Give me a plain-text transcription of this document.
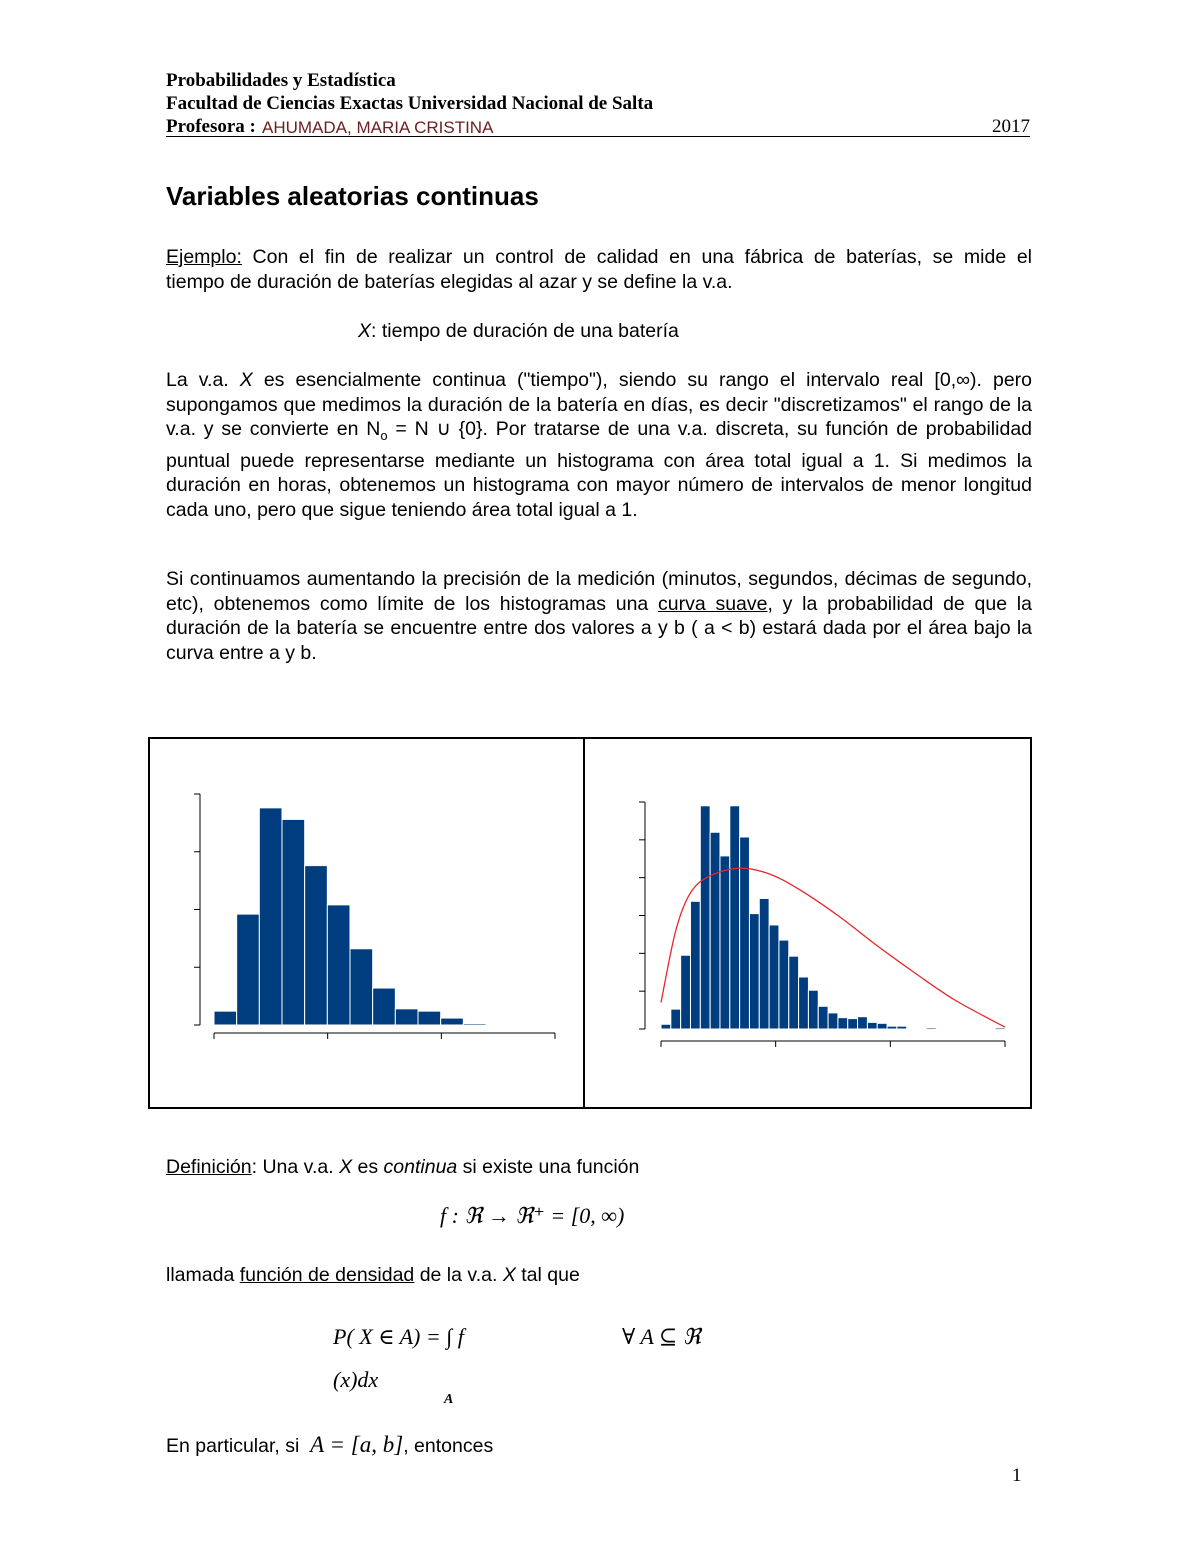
Probabilidades y Estadística
Facultad de Ciencias Exactas Universidad Nacional de Salta
Profesora : AHUMADA, MARIA CRISTINA	2017
Variables aleatorias continuas
Ejemplo: Con el fin de realizar un control de calidad en una fábrica de baterías, se mide el
tiempo de duración de baterías elegidas al azar y se define la v.a.
X: tiempo de duración de una batería
La v.a. X es esencialmente continua ("tiempo"), siendo su rango el intervalo real [0,∞). pero supongamos que medimos la duración de la batería en días, es decir "discretizamos" el rango de la v.a. y se convierte en $N_o = N$ ∪ {0}. Por tratarse de una v.a. discreta, su función de probabilidad puntual puede representarse mediante un histograma con área total igual a 1. Si medimos la duración en horas, obtenemos un histograma con mayor número de intervalos de menor longitud cada uno, pero que sigue teniendo área total igual a 1.
Si continuamos aumentando la precisión de la medición (minutos, segundos, décimas de segundo, etc), obtenemos como límite de los histogramas una curva suave, y la probabilidad de que la duración de la batería se encuentre entre dos valores a y b ( a < b) estará dada por el área bajo la curva entre a y b.
Definición: Una v.a. X es continua si existe una función
f : ℜ → ℜ⁺ = [0, ∞)
llamada función de densidad de la v.a. X tal que
P( X ∈ A) = ∫ f	∀ A ⊆ ℜ
(x)dx
A
En particular, si A = [a, b], entonces
1
